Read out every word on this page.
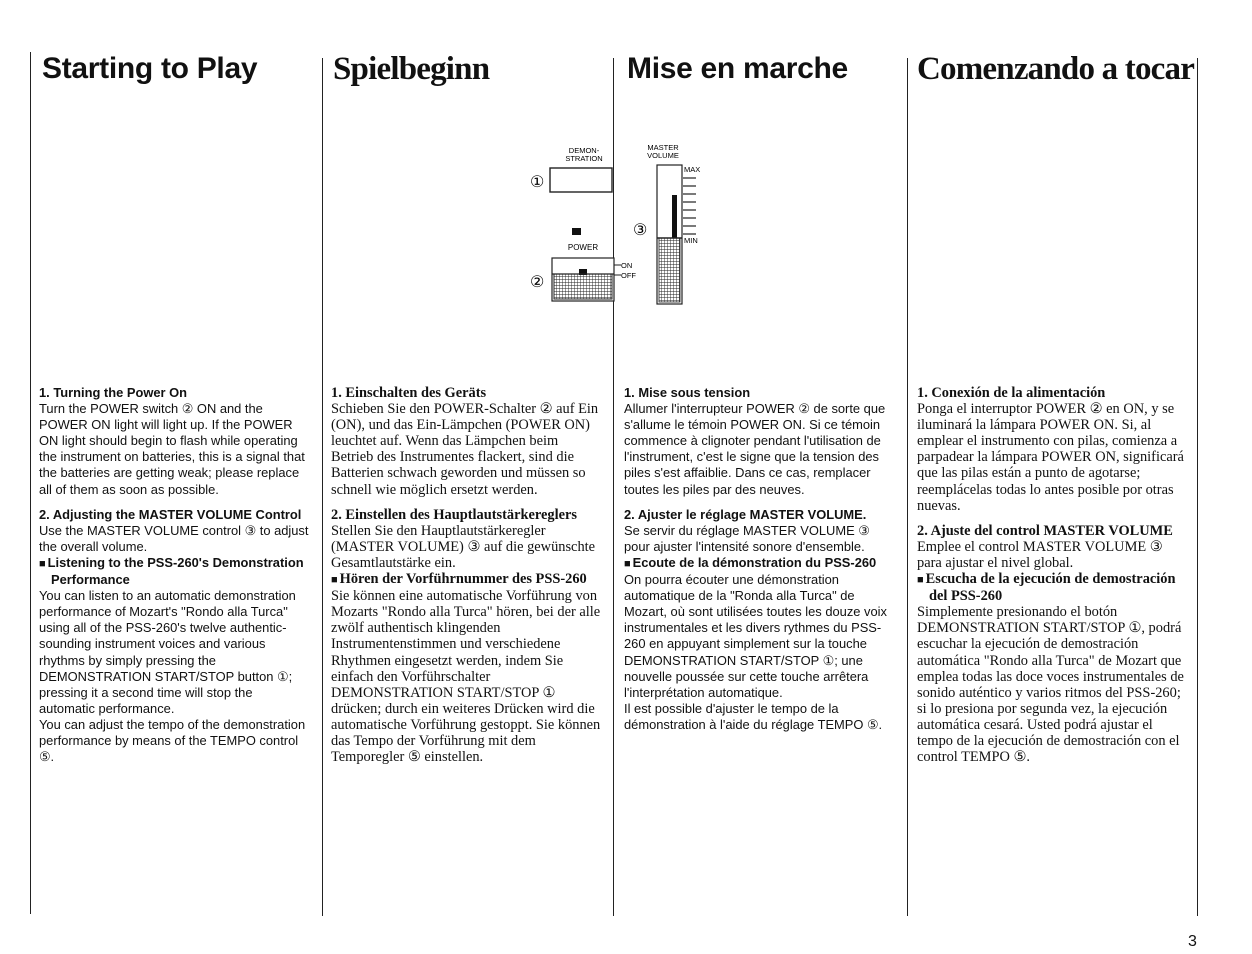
Starting to Play Spielbeginn	Mise en marche Comenzando a tocar
DEMON-
STRATION
①
POWER
②
ON
OFF
MASTER
VOLUME
③
MAX
MIN
1. Turning the Power On

Turn the POWER switch ② ON and the POWER ON light will light up. If the POWER ON light should begin to flash while operating the instrument on batteries, this is a signal that the batteries are getting weak; please replace all of them as soon as possible.

2. Adjusting the MASTER VOLUME Control

Use the MASTER VOLUME control ③ to adjust the overall volume.

■ Listening to the PSS-260's Demonstration Performance

You can listen to an automatic demonstration performance of Mozart's "Rondo alla Turca" using all of the PSS-260's twelve authentic-sounding instrument voices and various rhythms by simply pressing the DEMONSTRATION START/STOP button ①; pressing it a second time will stop the automatic performance.

You can adjust the tempo of the demonstration performance by means of the TEMPO control ⑤.

1. Einschalten des Geräts

Schieben Sie den POWER-Schalter ② auf Ein (ON), und das Ein-Lämpchen (POWER ON) leuchtet auf. Wenn das Lämpchen beim Betrieb des Instrumentes flackert, sind die Batterien schwach geworden und müssen so schnell wie möglich ersetzt werden.

2. Einstellen des Hauptlautstärkereglers

Stellen Sie den Hauptlautstärkeregler (MASTER VOLUME) ③ auf die gewünschte Gesamtlautstärke ein.

■ Hören der Vorführnummer des PSS-260

Sie können eine automatische Vorführung von Mozarts "Rondo alla Turca" hören, bei der alle zwölf authentisch klingenden Instrumentenstimmen und verschiedene Rhythmen eingesetzt werden, indem Sie einfach den Vorführschalter DEMONSTRATION START/STOP ① drücken; durch ein weiteres Drücken wird die automatische Vorführung gestoppt. Sie können das Tempo der Vorführung mit dem Temporegler ⑤ einstellen.

1. Mise sous tension

Allumer l'interrupteur POWER ② de sorte que s'allume le témoin POWER ON. Si ce témoin commence à clignoter pendant l'utilisation de l'instrument, c'est le signe que la tension des piles s'est affaiblie. Dans ce cas, remplacer toutes les piles par des neuves.

2. Ajuster le réglage MASTER VOLUME.

Se servir du réglage MASTER VOLUME ③ pour ajuster l'intensité sonore d'ensemble.

■ Ecoute de la démonstration du PSS-260

On pourra écouter une démonstration automatique de la "Ronda alla Turca" de Mozart, où sont utilisées toutes les douze voix instrumentales et les divers rythmes du PSS-260 en appuyant simplement sur la touche DEMONSTRATION START/STOP ①; une nouvelle poussée sur cette touche arrêtera l'interprétation automatique.

Il est possible d'ajuster le tempo de la démonstration à l'aide du réglage TEMPO ⑤.

1. Conexión de la alimentación

Ponga el interruptor POWER ② en ON, y se iluminará la lámpara POWER ON. Si, al emplear el instrumento con pilas, comienza a parpadear la lámpara POWER ON, significará que las pilas están a punto de agotarse; reemplácelas todas lo antes posible por otras nuevas.

2. Ajuste del control MASTER VOLUME

Emplee el control MASTER VOLUME ③ para ajustar el nivel global.

■ Escucha de la ejecución de demostración del PSS-260

Simplemente presionando el botón DEMONSTRATION START/STOP ①, podrá escuchar la ejecución de demostración automática "Rondo alla Turca" de Mozart que emplea todas las doce voces instrumentales de sonido auténtico y varios ritmos del PSS-260; si lo presiona por segunda vez, la ejecución automática cesará. Usted podrá ajustar el tempo de la ejecución de demostración con el control TEMPO ⑤.

3
